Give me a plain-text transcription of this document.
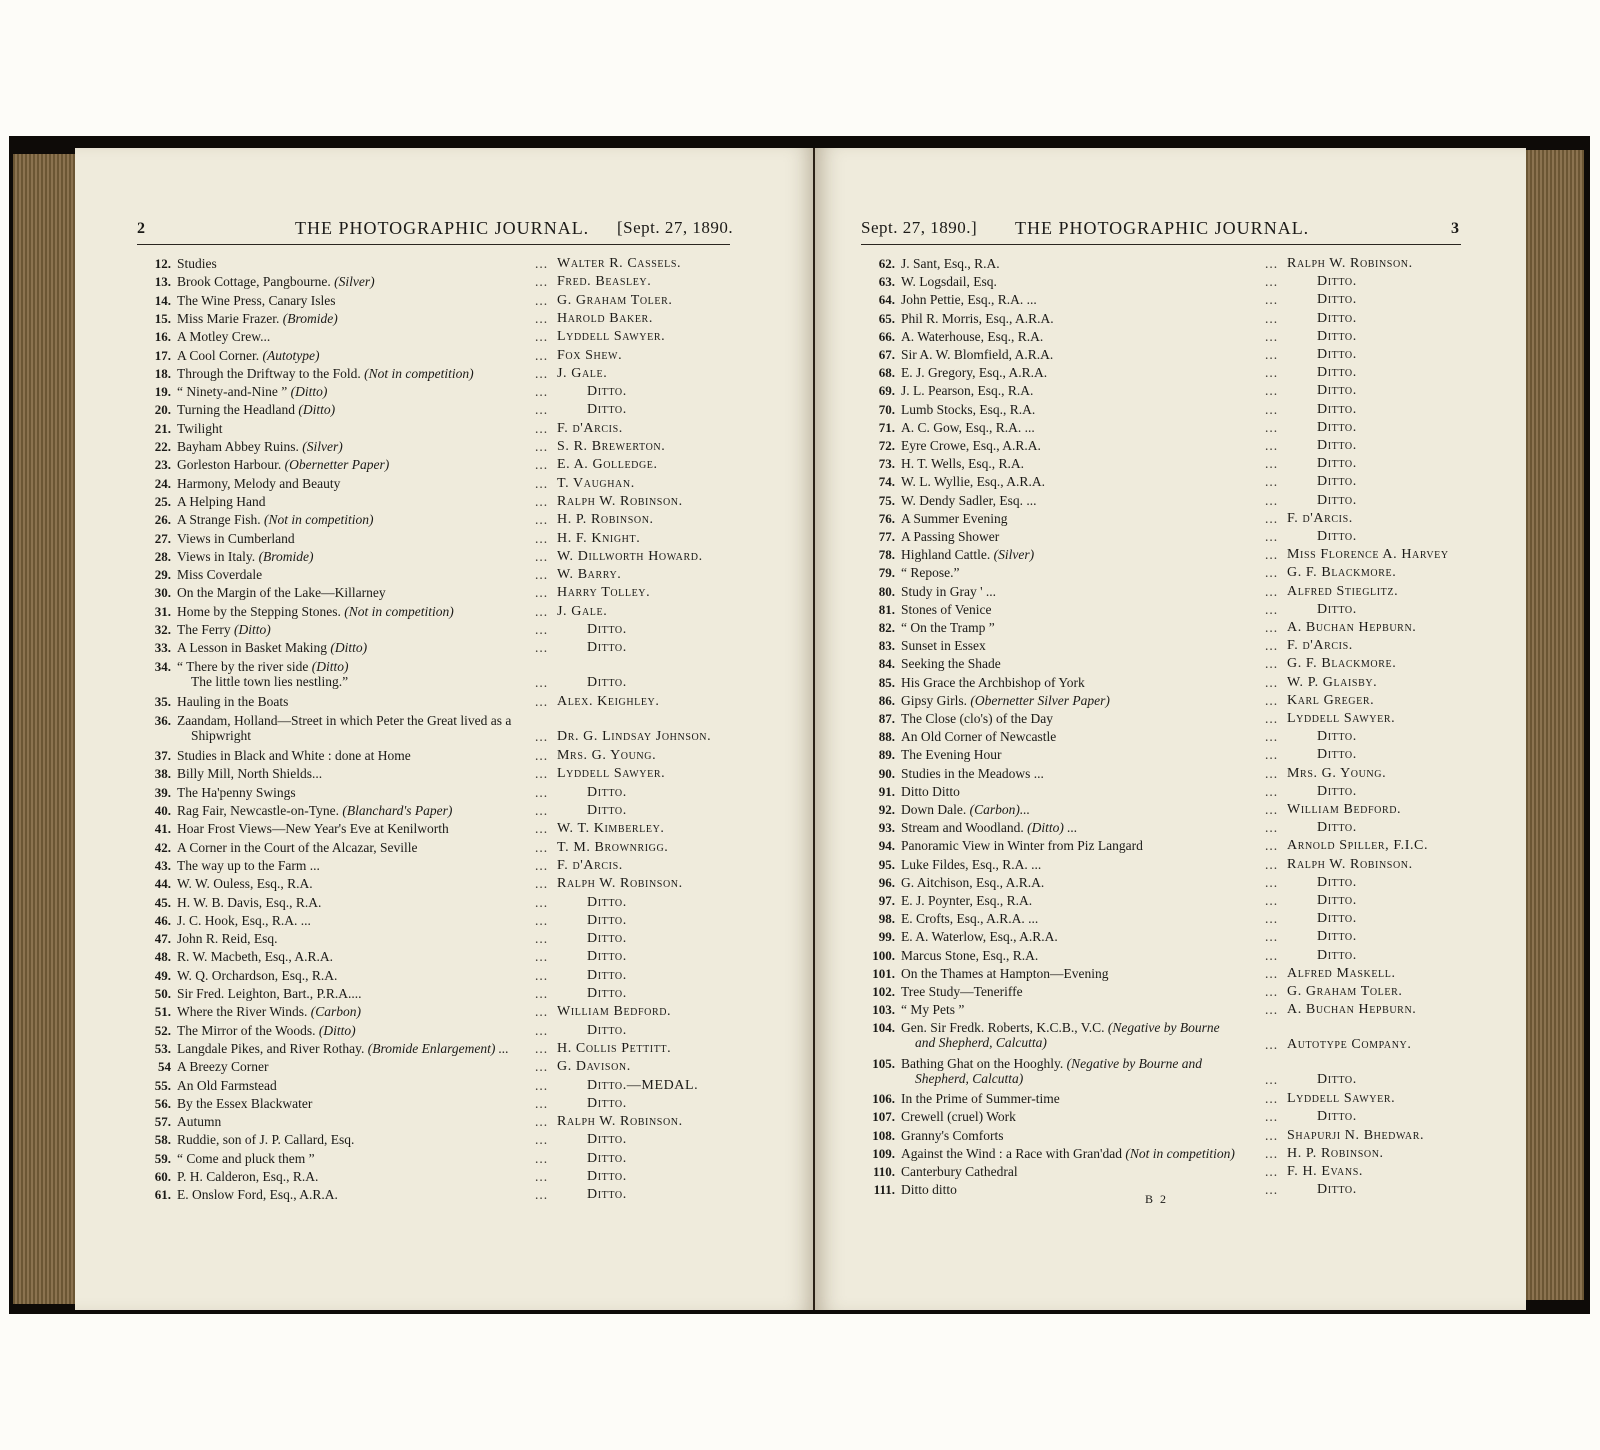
2	THE PHOTOGRAPHIC JOURNAL. [Sept. 27, 1890.
12. Studies	... Walter R. Cassels.
13. Brook Cottage, Pangbourne. (Silver)	... Fred. Beasley.
14. The Wine Press, Canary Isles	... G. Graham Toler.
15. Miss Marie Frazer. (Bromide)	... Harold Baker.
16. A Motley Crew...	... Lyddell Sawyer.
17. A Cool Corner. (Autotype)	... Fox Shew.
18. Through the Driftway to the Fold. (Not in competition)	... J. Gale.
19. “ Ninety-and-Nine ” (Ditto)	...	Ditto.
20. Turning the Headland (Ditto)	...	Ditto.
21. Twilight	... F. d'Arcis.
22. Bayham Abbey Ruins. (Silver)	... S. R. Brewerton.
23. Gorleston Harbour. (Obernetter Paper)	... E. A. Golledge.
24. Harmony, Melody and Beauty	... T. Vaughan.
25. A Helping Hand	... Ralph W. Robinson.
26. A Strange Fish. (Not in competition)	... H. P. Robinson.
27. Views in Cumberland	... H. F. Knight.
28. Views in Italy. (Bromide)	... W. Dillworth Howard.
29. Miss Coverdale	... W. Barry.
30. On the Margin of the Lake—Killarney	... Harry Tolley.
31. Home by the Stepping Stones. (Not in competition)	... J. Gale.
32. The Ferry (Ditto)	...	Ditto.
33. A Lesson in Basket Making (Ditto)	...	Ditto.
34. “ There by the river side (Ditto)
The little town lies nestling.”	...	Ditto.
35. Hauling in the Boats	... Alex. Keighley.
36. Zaandam, Holland—Street in which Peter the Great lived as a
Shipwright	... Dr. G. Lindsay Johnson.
37. Studies in Black and White : done at Home	... Mrs. G. Young.
38. Billy Mill, North Shields...	... Lyddell Sawyer.
39. The Ha'penny Swings	...	Ditto.
40. Rag Fair, Newcastle-on-Tyne. (Blanchard's Paper)	...	Ditto.
41. Hoar Frost Views—New Year's Eve at Kenilworth	... W. T. Kimberley.
42. A Corner in the Court of the Alcazar, Seville	... T. M. Brownrigg.
43. The way up to the Farm ...	... F. d'Arcis.
44. W. W. Ouless, Esq., R.A.	... Ralph W. Robinson.
45. H. W. B. Davis, Esq., R.A.	...	Ditto.
46. J. C. Hook, Esq., R.A. ...	...	Ditto.
47. John R. Reid, Esq.	...	Ditto.
48. R. W. Macbeth, Esq., A.R.A.	...	Ditto.
49. W. Q. Orchardson, Esq., R.A.	...	Ditto.
50. Sir Fred. Leighton, Bart., P.R.A....	...	Ditto.
51. Where the River Winds. (Carbon)	... William Bedford.
52. The Mirror of the Woods. (Ditto)	...	Ditto.
53. Langdale Pikes, and River Rothay. (Bromide Enlargement) ... ... H. Collis Pettitt.
54 A Breezy Corner	... G. Davison.
55. An Old Farmstead	...	Ditto.—MEDAL.
56. By the Essex Blackwater	...	Ditto.
57. Autumn	... Ralph W. Robinson.
58. Ruddie, son of J. P. Callard, Esq.	...	Ditto.
59. “ Come and pluck them ”	...	Ditto.
60. P. H. Calderon, Esq., R.A.	...	Ditto.
61. E. Onslow Ford, Esq., A.R.A.	...	Ditto.
Sept. 27, 1890.] THE PHOTOGRAPHIC JOURNAL.	3
62. J. Sant, Esq., R.A.	... Ralph W. Robinson.
63. W. Logsdail, Esq.	...	Ditto.
64. John Pettie, Esq., R.A. ...	...	Ditto.
65. Phil R. Morris, Esq., A.R.A.	...	Ditto.
66. A. Waterhouse, Esq., R.A.	...	Ditto.
67. Sir A. W. Blomfield, A.R.A.	...	Ditto.
68. E. J. Gregory, Esq., A.R.A.	...	Ditto.
69. J. L. Pearson, Esq., R.A.	...	Ditto.
70. Lumb Stocks, Esq., R.A.	...	Ditto.
71. A. C. Gow, Esq., R.A. ...	...	Ditto.
72. Eyre Crowe, Esq., A.R.A.	...	Ditto.
73. H. T. Wells, Esq., R.A.	...	Ditto.
74. W. L. Wyllie, Esq., A.R.A.	...	Ditto.
75. W. Dendy Sadler, Esq. ...	...	Ditto.
76. A Summer Evening	... F. d'Arcis.
77. A Passing Shower	...	Ditto.
78. Highland Cattle. (Silver)	... Miss Florence A. Harvey
79. “ Repose.”	... G. F. Blackmore.
80. Study in Gray ' ...	... Alfred Stieglitz.
81. Stones of Venice	...	Ditto.
82. “ On the Tramp ”	... A. Buchan Hepburn.
83. Sunset in Essex	... F. d'Arcis.
84. Seeking the Shade	... G. F. Blackmore.
85. His Grace the Archbishop of York	... W. P. Glaisby.
86. Gipsy Girls. (Obernetter Silver Paper)	... Karl Greger.
87. The Close (clo's) of the Day	... Lyddell Sawyer.
88. An Old Corner of Newcastle	...	Ditto.
89. The Evening Hour	...	Ditto.
90. Studies in the Meadows ...	... Mrs. G. Young.
91. Ditto Ditto	...	Ditto.
92. Down Dale. (Carbon)...	... William Bedford.
93. Stream and Woodland. (Ditto) ...	...	Ditto.
94. Panoramic View in Winter from Piz Langard	... Arnold Spiller, F.I.C.
95. Luke Fildes, Esq., R.A. ...	... Ralph W. Robinson.
96. G. Aitchison, Esq., A.R.A.	...	Ditto.
97. E. J. Poynter, Esq., R.A.	...	Ditto.
98. E. Crofts, Esq., A.R.A. ...	...	Ditto.
99. E. A. Waterlow, Esq., A.R.A.	...	Ditto.
100. Marcus Stone, Esq., R.A.	...	Ditto.
101. On the Thames at Hampton—Evening	... Alfred Maskell.
102. Tree Study—Teneriffe	... G. Graham Toler.
103. “ My Pets ”	... A. Buchan Hepburn.
104. Gen. Sir Fredk. Roberts, K.C.B., V.C. (Negative by Bourne
and Shepherd, Calcutta)	... Autotype Company.
105. Bathing Ghat on the Hooghly. (Negative by Bourne and
Shepherd, Calcutta)	...	Ditto.
106. In the Prime of Summer-time	... Lyddell Sawyer.
107. Crewell (cruel) Work	...	Ditto.
108. Granny's Comforts	... Shapurji N. Bhedwar.
109. Against the Wind : a Race with Gran'dad (Not in competition) ... H. P. Robinson.
110. Canterbury Cathedral	... F. H. Evans.
111. Ditto ditto	...	Ditto.
B 2
